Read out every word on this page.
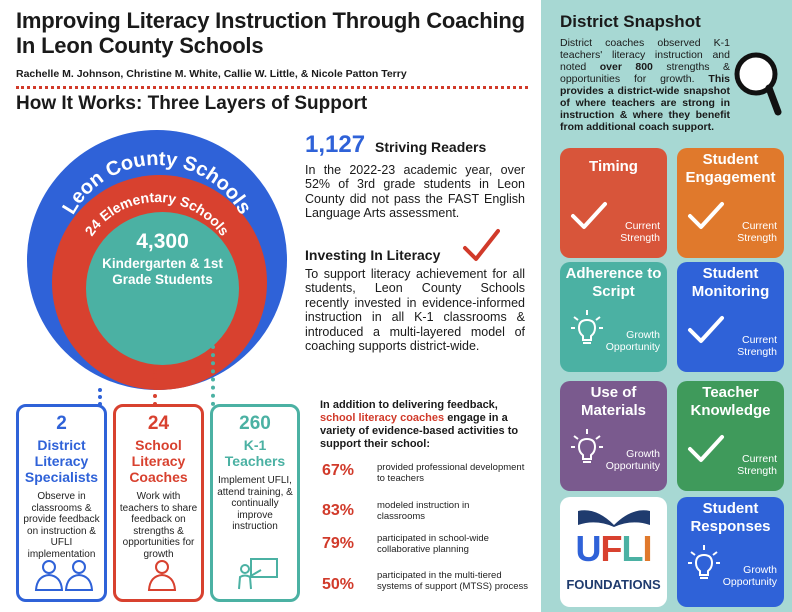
Improving Literacy Instruction Through Coaching In Leon County Schools
Rachelle M. Johnson, Christine M. White, Callie W. Little, & Nicole Patton Terry
How It Works: Three Layers of Support
Leon County Schools
24 Elementary Schools
4,300
Kindergarten & 1st Grade Students
2
District Literacy Specialists
Observe in classrooms & provide feedback on instruction & UFLI implementation
24
School Literacy Coaches
Work with teachers to share feedback on strengths & opportunities for growth
260
K-1 Teachers
Implement UFLI, attend training, & continually improve instruction
1,127 Striving Readers
In the 2022-23 academic year, over 52% of 3rd grade students in Leon County did not pass the FAST English Language Arts assessment.
Investing In Literacy
To support literacy achievement for all students, Leon County Schools recently invested in evidence-informed instruction in all K-1 classrooms & introduced a multi-layered model of coaching supports district-wide.
In addition to delivering feedback, school literacy coaches engage in a variety of evidence-based activities to support their school:
67% provided professional development to teachers
83% modeled instruction in classrooms
79% participated in school-wide collaborative planning
50%
participated in the multi-tiered systems of support (MTSS) process
District Snapshot
District coaches observed K-1 teachers' literacy instruction and noted over 800 strengths & opportunities for growth. This provides a district-wide snapshot of where teachers are strong in instruction & where they benefit from additional coach support.
Timing
Current Strength
Student Engagement
Current Strength
Adherence to Script
Growth Opportunity
Student Monitoring
Current Strength
Use of Materials
Growth Opportunity
Teacher Knowledge
Current Strength
Student Responses
Growth Opportunity
UFLI
FOUNDATIONS
